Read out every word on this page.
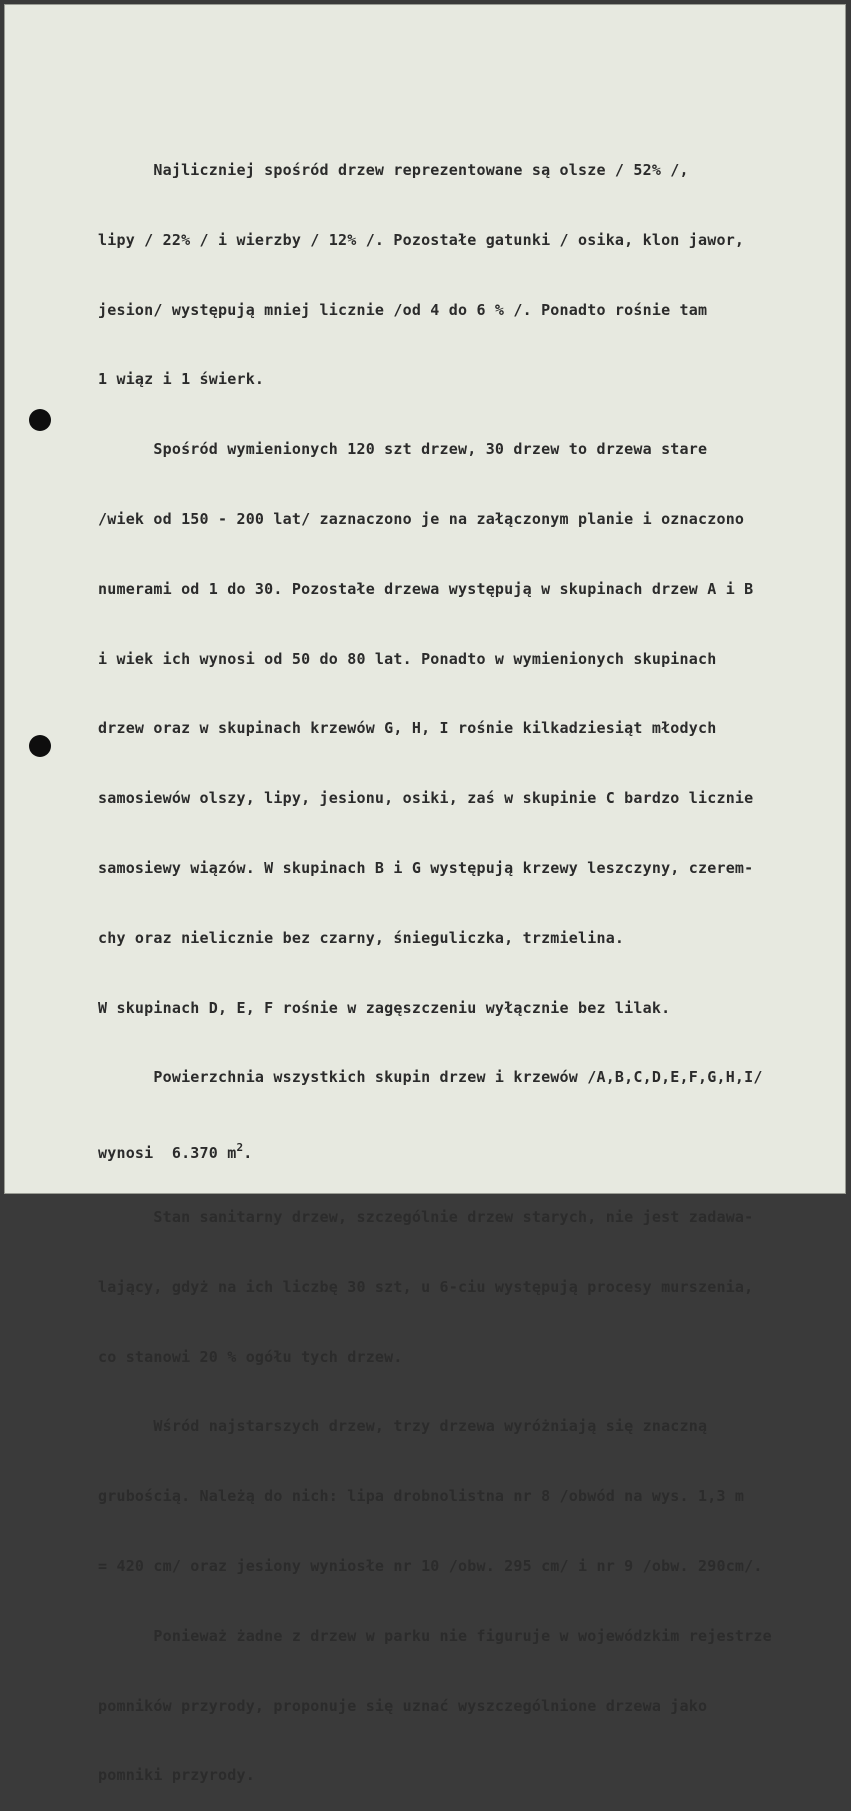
Najliczniej spośród drzew reprezentowane są olsze / 52% /,

lipy / 22% / i wierzby / 12% /. Pozostałe gatunki / osika, klon jawor,

jesion/ występują mniej licznie /od 4 do 6 % /. Ponadto rośnie tam

1 wiąz i 1 świerk.

Spośród wymienionych 120 szt drzew, 30 drzew to drzewa stare

/wiek od 150 - 200 lat/ zaznaczono je na załączonym planie i oznaczono

numerami od 1 do 30. Pozostałe drzewa występują w skupinach drzew A i B

i wiek ich wynosi od 50 do 80 lat. Ponadto w wymienionych skupinach

drzew oraz w skupinach krzewów G, H, I rośnie kilkadziesiąt młodych

samosiewów olszy, lipy, jesionu, osiki, zaś w skupinie C bardzo licznie

samosiewy wiązów. W skupinach B i G występują krzewy leszczyny, czerem-

chy oraz nielicznie bez czarny, śnieguliczka, trzmielina.

W skupinach D, E, F rośnie w zagęszczeniu wyłącznie bez lilak.

Powierzchnia wszystkich skupin drzew i krzewów /A,B,C,D,E,F,G,H,I/

wynosi  6.370 $m^2$.

Stan sanitarny drzew, szczególnie drzew starych, nie jest zadawa-

lający, gdyż na ich liczbę 30 szt, u 6-ciu występują procesy murszenia,

co stanowi 20 % ogółu tych drzew.

Wśród najstarszych drzew, trzy drzewa wyróżniają się znaczną

grubością. Należą do nich: lipa drobnolistna nr 8 /obwód na wys. 1,3 m

= 420 cm/ oraz jesiony wyniosłe nr 10 /obw. 295 cm/ i nr 9 /obw. 290cm/.

Ponieważ żadne z drzew w parku nie figuruje w wojewódzkim rejestrze

pomników przyrody, proponuje się uznać wyszczególnione drzewa jako

pomniki przyrody.
